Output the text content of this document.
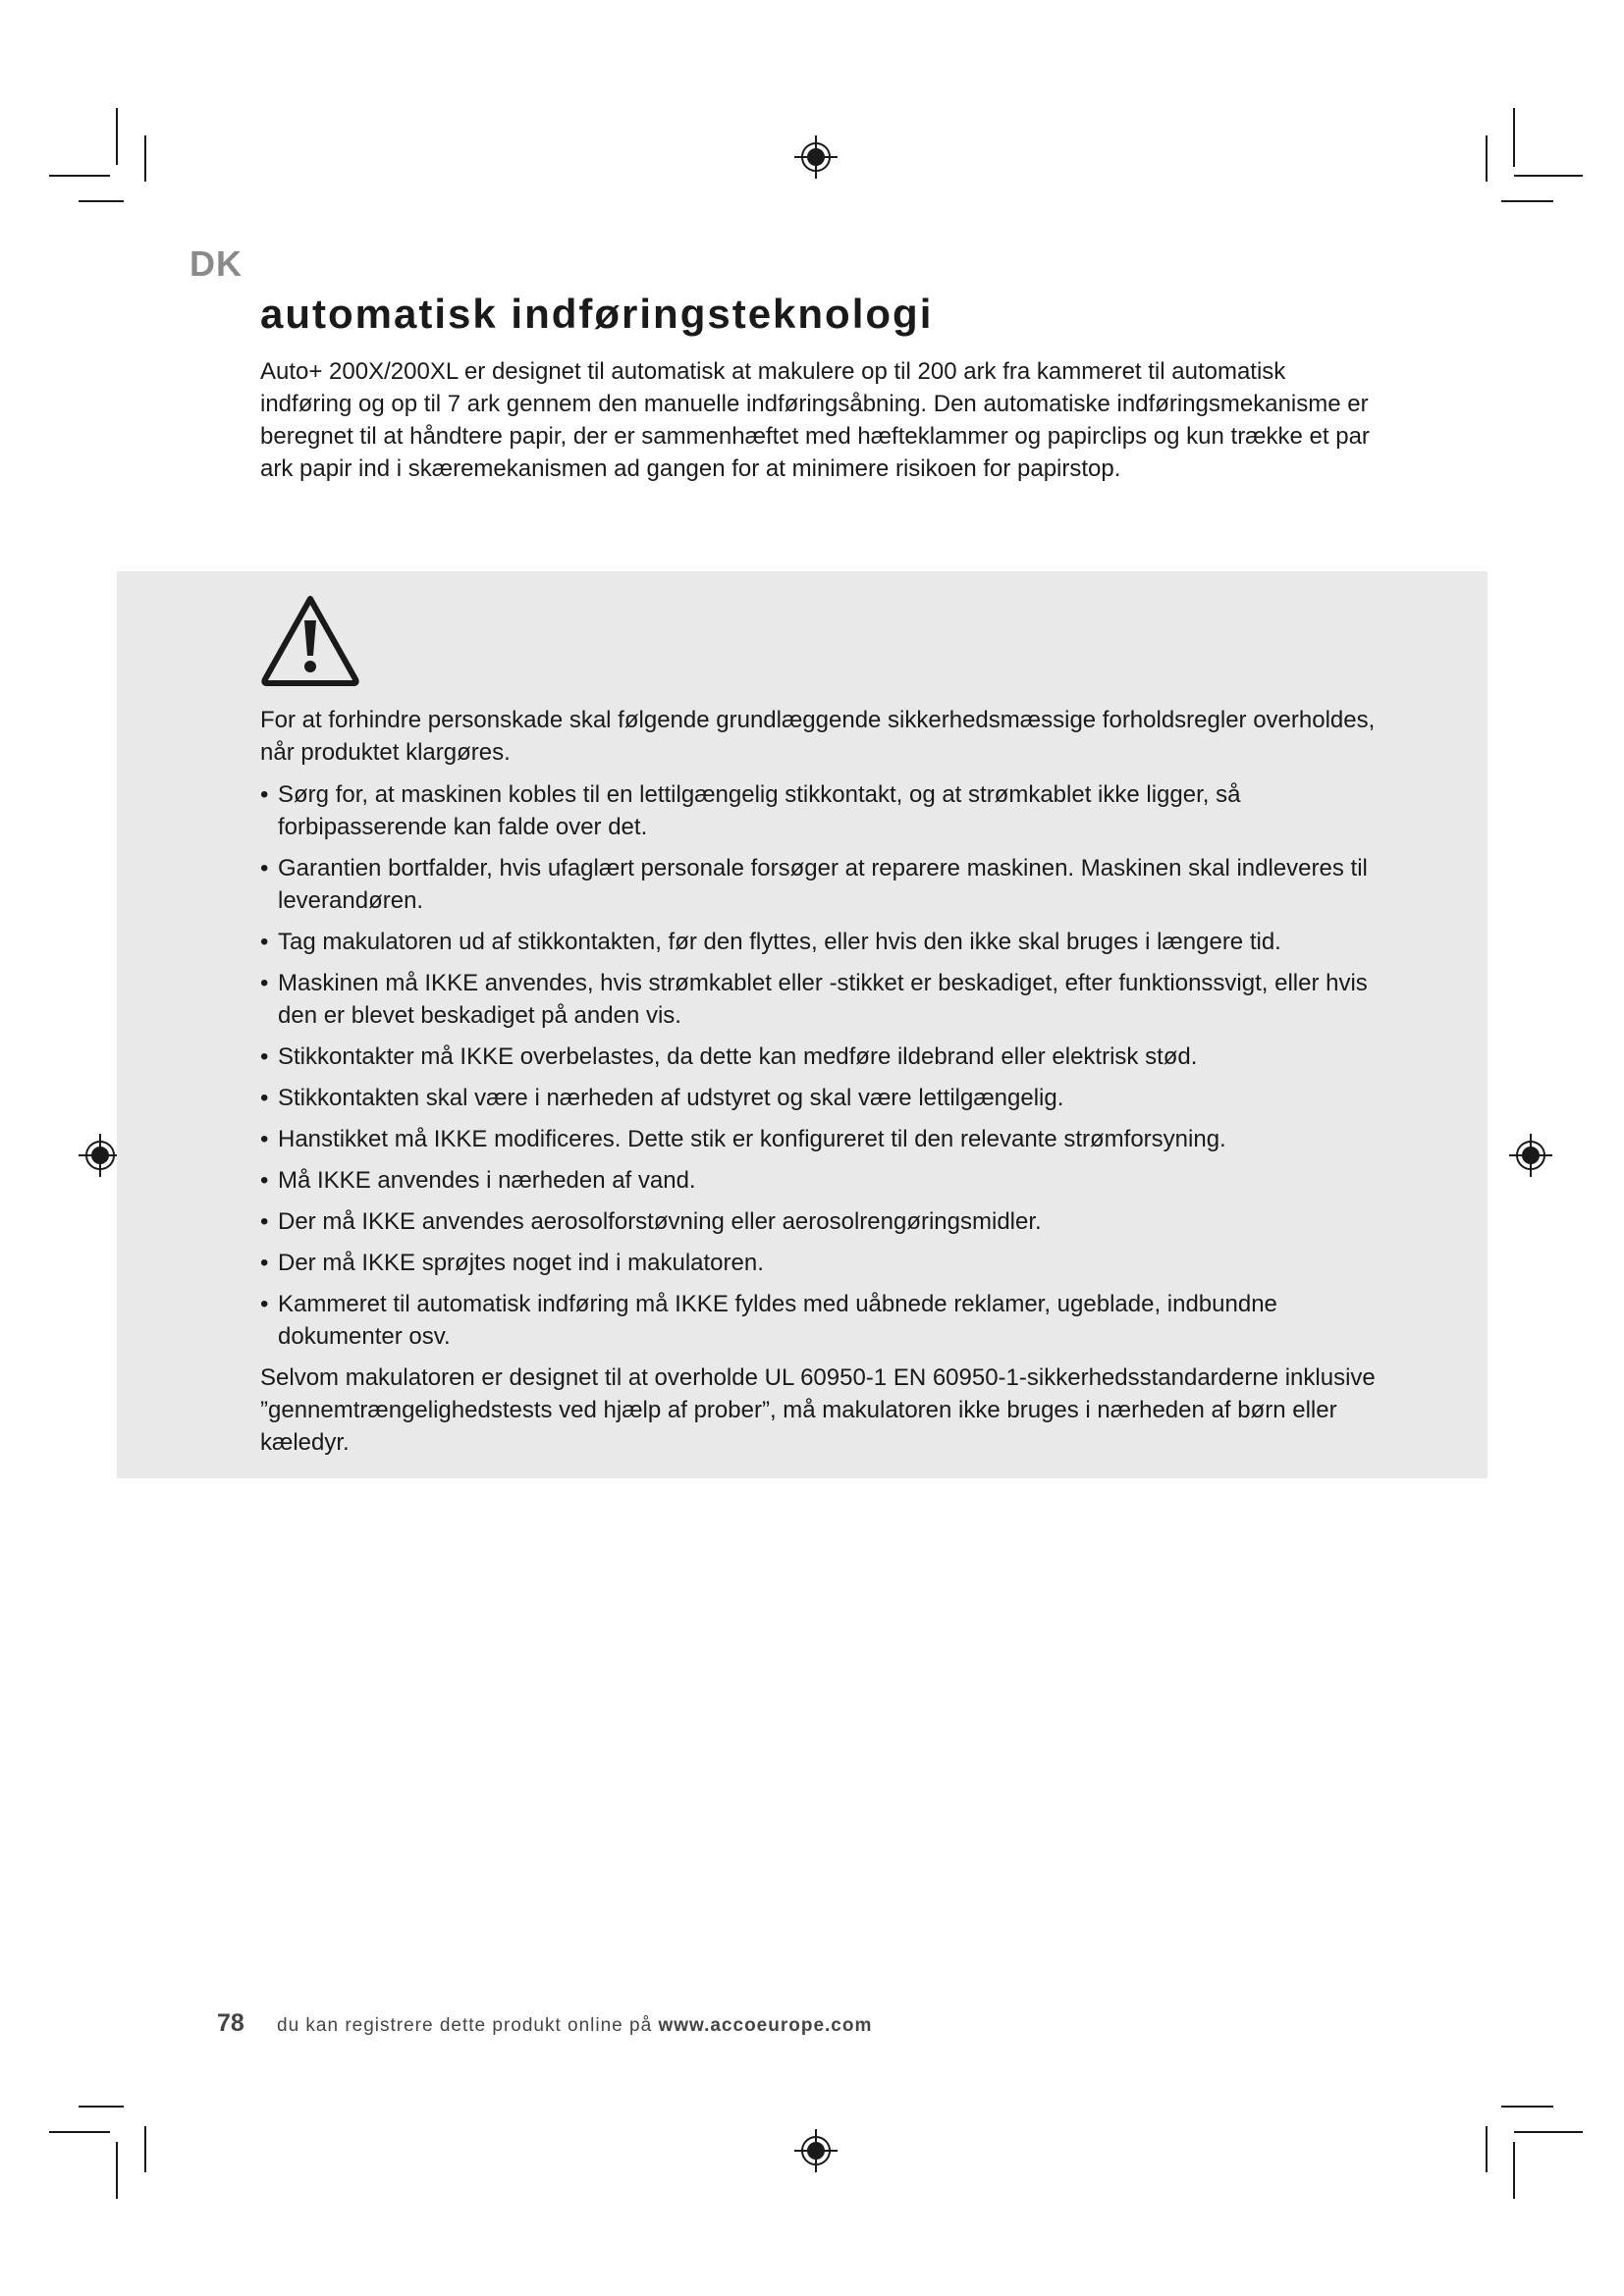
DK
automatisk indføringsteknologi

Auto+ 200X/200XL er designet til automatisk at makulere op til 200 ark fra kammeret til automatisk indføring og op til 7 ark gennem den manuelle indføringsåbning. Den automatiske indføringsmekanisme er beregnet til at håndtere papir, der er sammenhæftet med hæfteklammer og papirclips og kun trække et par ark papir ind i skæremekanismen ad gangen for at minimere risikoen for papirstop.

For at forhindre personskade skal følgende grundlæggende sikkerhedsmæssige forholdsregler overholdes, når produktet klargøres.

• Sørg for, at maskinen kobles til en lettilgængelig stikkontakt, og at strømkablet ikke ligger, så forbipasserende kan falde over det.
• Garantien bortfalder, hvis ufaglært personale forsøger at reparere maskinen. Maskinen skal indleveres til leverandøren.
• Tag makulatoren ud af stikkontakten, før den flyttes, eller hvis den ikke skal bruges i længere tid.
• Maskinen må IKKE anvendes, hvis strømkablet eller -stikket er beskadiget, efter funktionssvigt, eller hvis den er blevet beskadiget på anden vis.
• Stikkontakter må IKKE overbelastes, da dette kan medføre ildebrand eller elektrisk stød.
• Stikkontakten skal være i nærheden af udstyret og skal være lettilgængelig.
• Hanstikket må IKKE modificeres. Dette stik er konfigureret til den relevante strømforsyning.
• Må IKKE anvendes i nærheden af vand.
• Der må IKKE anvendes aerosolforstøvning eller aerosolrengøringsmidler.
• Der må IKKE sprøjtes noget ind i makulatoren.
• Kammeret til automatisk indføring må IKKE fyldes med uåbnede reklamer, ugeblade, indbundne dokumenter osv.

Selvom makulatoren er designet til at overholde UL 60950-1 EN 60950-1-sikkerhedsstandarderne inklusive ”gennemtrængelighedstests ved hjælp af prober”, må makulatoren ikke bruges i nærheden af børn eller kæledyr.

78 du kan registrere dette produkt online på www.accoeurope.com
